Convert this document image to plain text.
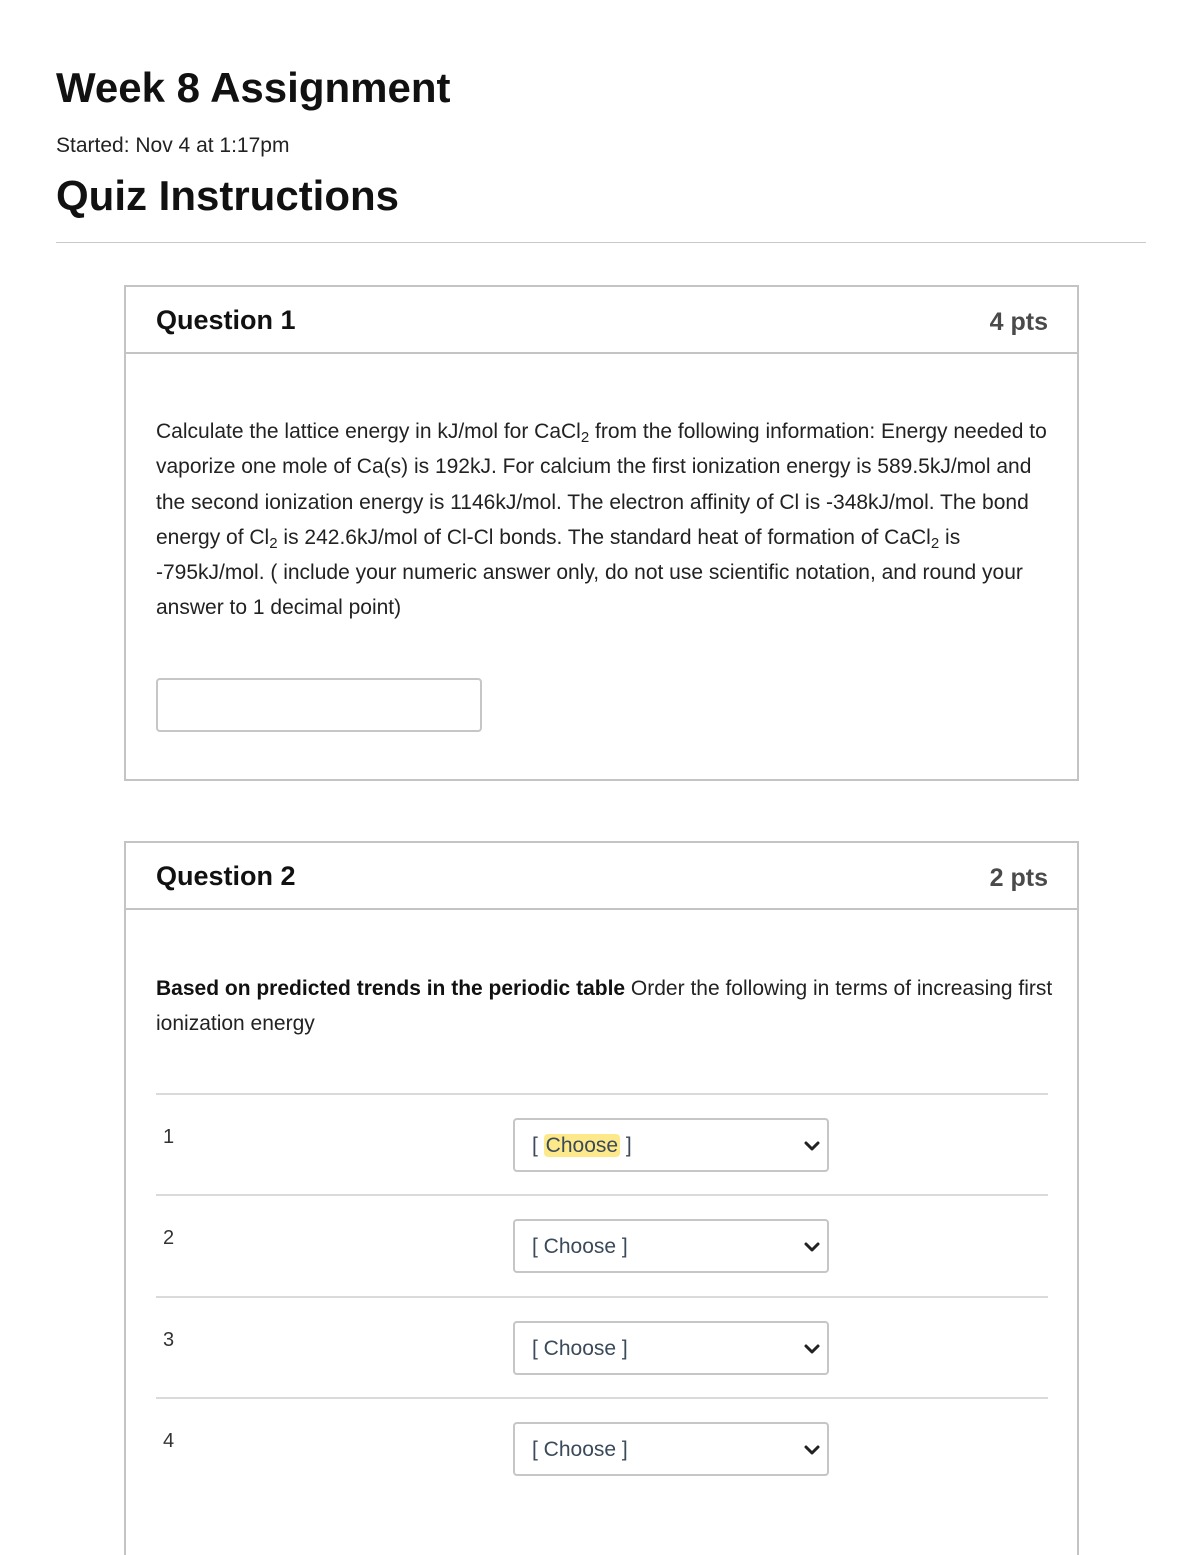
Week 8 Assignment
Started: Nov 4 at 1:17pm
Quiz Instructions
Question 1	4 pts

Calculate the lattice energy in kJ/mol for CaCl$_2$ from the following information: Energy needed to vaporize one mole of Ca(s) is 192kJ. For calcium the first ionization energy is 589.5kJ/mol and the second ionization energy is 1146kJ/mol. The electron affinity of Cl is -348kJ/mol. The bond energy of $Cl_2$ is 242.6kJ/mol of Cl-Cl bonds. The standard heat of formation of CaCl$_2$ is -795kJ/mol. ( include your numeric answer only, do not use scientific notation, and round your answer to 1 decimal point)

Question 2	2 pts

Based on predicted trends in the periodic table Order the following in terms of increasing first ionization energy

1	[ Choose ]
2	[ Choose ]
3	[ Choose ]
4	[ Choose ]
